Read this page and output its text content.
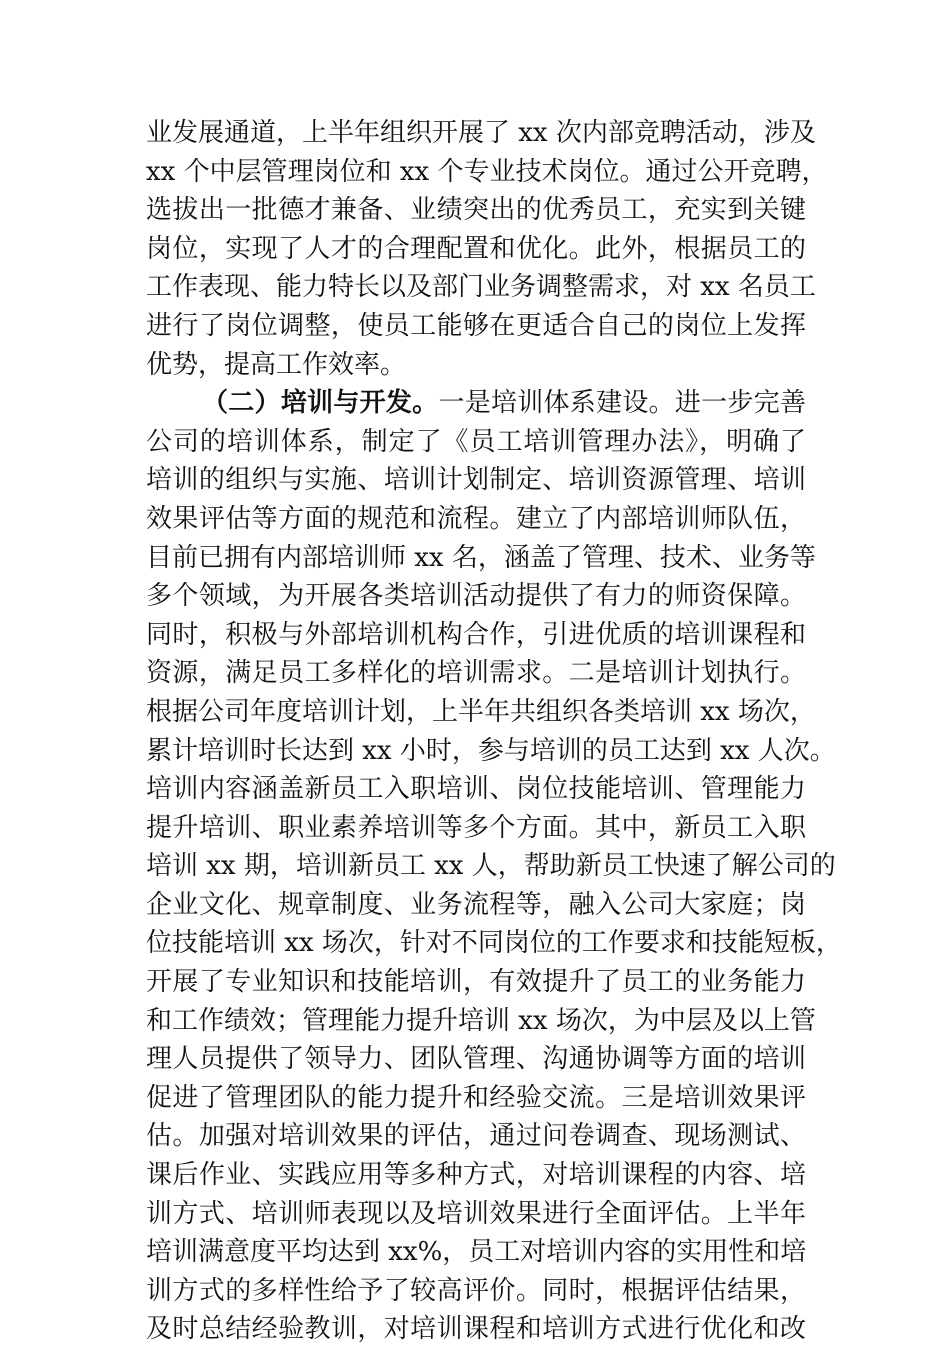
业发展通道，上半年组织开展了 xx 次内部竞聘活动，涉及
xx 个中层管理岗位和 xx 个专业技术岗位。通过公开竞聘，
选拔出一批德才兼备、业绩突出的优秀员工，充实到关键
岗位，实现了人才的合理配置和优化。此外，根据员工的
工作表现、能力特长以及部门业务调整需求，对 xx 名员工
进行了岗位调整，使员工能够在更适合自己的岗位上发挥
优势，提高工作效率。
（二）培训与开发。一是培训体系建设。进一步完善
公司的培训体系，制定了《员工培训管理办法》，明确了
培训的组织与实施、培训计划制定、培训资源管理、培训
效果评估等方面的规范和流程。建立了内部培训师队伍，
目前已拥有内部培训师 xx 名，涵盖了管理、技术、业务等
多个领域，为开展各类培训活动提供了有力的师资保障。
同时，积极与外部培训机构合作，引进优质的培训课程和
资源，满足员工多样化的培训需求。二是培训计划执行。
根据公司年度培训计划，上半年共组织各类培训 xx 场次，
累计培训时长达到 xx 小时，参与培训的员工达到 xx 人次。
培训内容涵盖新员工入职培训、岗位技能培训、管理能力
提升培训、职业素养培训等多个方面。其中，新员工入职
培训 xx 期，培训新员工 xx 人，帮助新员工快速了解公司的
企业文化、规章制度、业务流程等，融入公司大家庭；岗
位技能培训 xx 场次，针对不同岗位的工作要求和技能短板，
开展了专业知识和技能培训，有效提升了员工的业务能力
和工作绩效；管理能力提升培训 xx 场次，为中层及以上管
理人员提供了领导力、团队管理、沟通协调等方面的培训
促进了管理团队的能力提升和经验交流。三是培训效果评
估。加强对培训效果的评估，通过问卷调查、现场测试、
课后作业、实践应用等多种方式，对培训课程的内容、培
训方式、培训师表现以及培训效果进行全面评估。上半年
培训满意度平均达到 xx%，员工对培训内容的实用性和培
训方式的多样性给予了较高评价。同时，根据评估结果，
及时总结经验教训，对培训课程和培训方式进行优化和改
